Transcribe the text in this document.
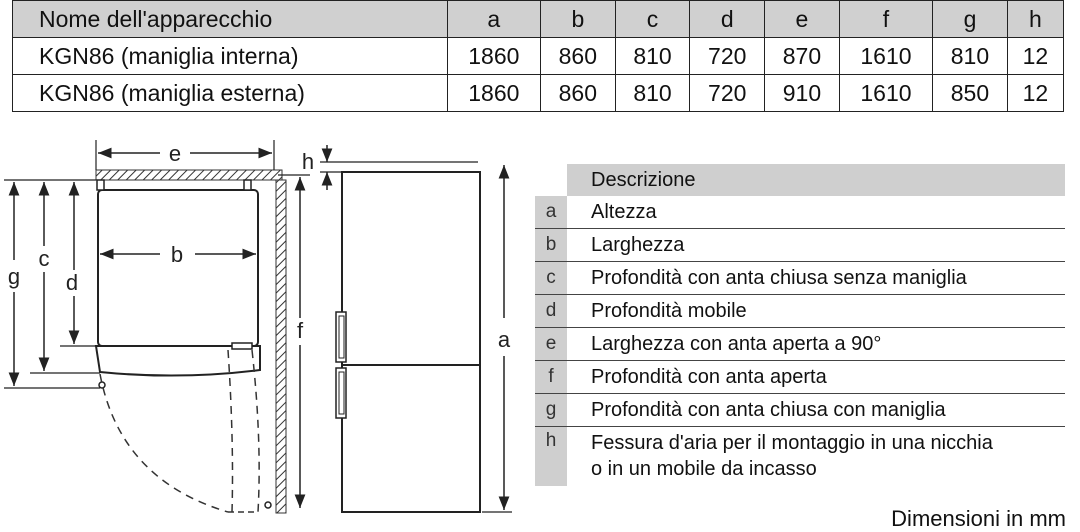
Nome dell'apparecchio	a	b	c	d	e	f	g	h
KGN86 (maniglia interna)	1860	860	810	720	870	1610	810	12
KGN86 (maniglia esterna)	1860	860	810	720	910	1610	850	12
e
b
g
c
d
f
h
a
Descrizione
a	Altezza
b	Larghezza
c	Profondità con anta chiusa senza maniglia
d	Profondità mobile
e	Larghezza con anta aperta a 90°
f	Profondità con anta aperta
g	Profondità con anta chiusa con maniglia
h Fessura d'aria per il montaggio in una nicchia
o in un mobile da incasso
Dimensioni in mm
